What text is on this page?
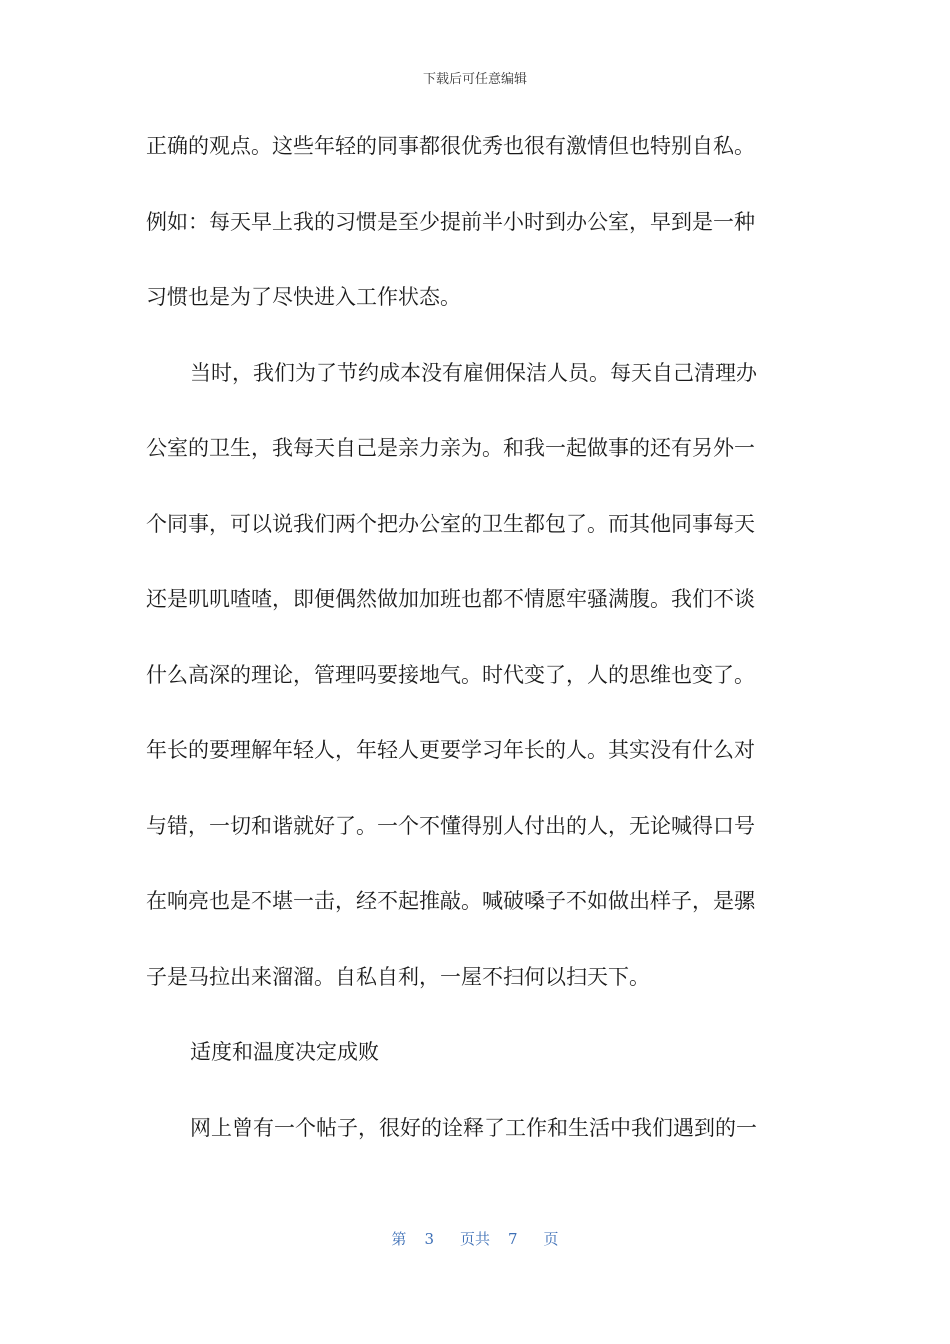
下载后可任意编辑
正确的观点。这些年轻的同事都很优秀也很有激情但也特别自私。
例如：每天早上我的习惯是至少提前半小时到办公室，早到是一种
习惯也是为了尽快进入工作状态。
当时，我们为了节约成本没有雇佣保洁人员。每天自己清理办
公室的卫生，我每天自己是亲力亲为。和我一起做事的还有另外一
个同事，可以说我们两个把办公室的卫生都包了。而其他同事每天
还是叽叽喳喳，即便偶然做加加班也都不情愿牢骚满腹。我们不谈
什么高深的理论，管理吗要接地气。时代变了，人的思维也变了。
年长的要理解年轻人，年轻人更要学习年长的人。其实没有什么对
与错，一切和谐就好了。一个不懂得别人付出的人，无论喊得口号
在响亮也是不堪一击，经不起推敲。喊破嗓子不如做出样子，是骡
子是马拉出来溜溜。自私自利，一屋不扫何以扫天下。
适度和温度决定成败
网上曾有一个帖子，很好的诠释了工作和生活中我们遇到的一
第 3 页共 7 页
